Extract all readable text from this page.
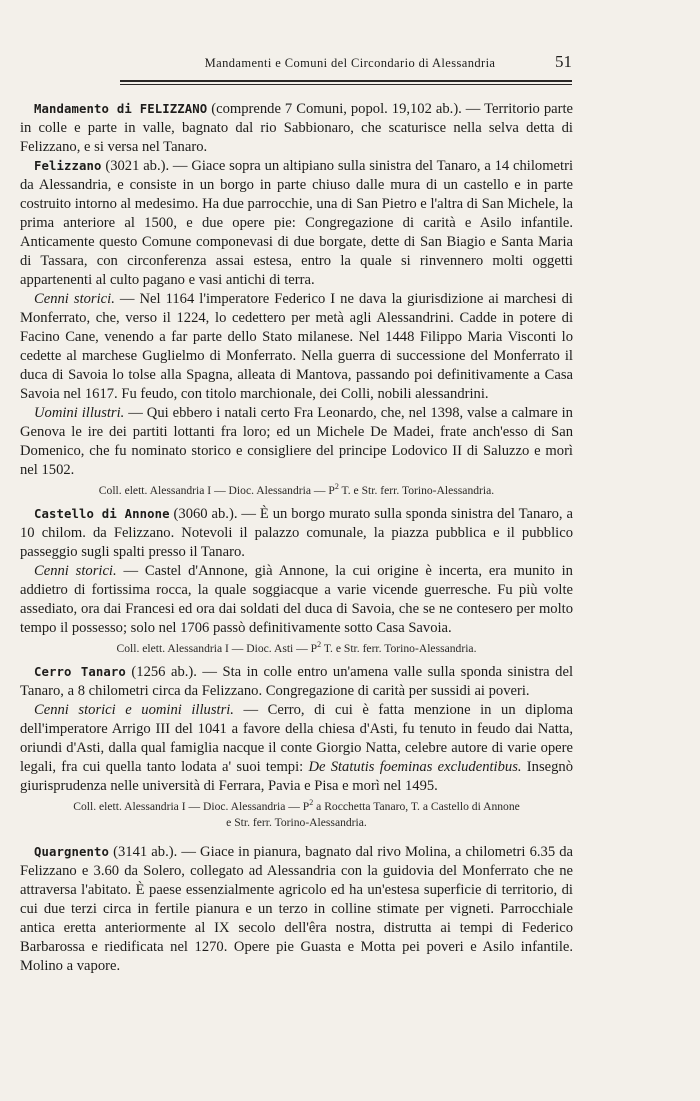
Mandamenti e Comuni del Circondario di Alessandria	51

Mandamento di FELIZZANO (comprende 7 Comuni, popol. 19,102 ab.). — Territorio parte in colle e parte in valle, bagnato dal rio Sabbionaro, che scaturisce nella selva detta di Felizzano, e si versa nel Tanaro.

Felizzano (3021 ab.). — Giace sopra un altipiano sulla sinistra del Tanaro, a 14 chilometri da Alessandria, e consiste in un borgo in parte chiuso dalle mura di un castello e in parte costruito intorno al medesimo. Ha due parrocchie, una di San Pietro e l'altra di San Michele, la prima anteriore al 1500, e due opere pie: Congregazione di carità e Asilo infantile. Anticamente questo Comune componevasi di due borgate, dette di San Biagio e Santa Maria di Tassara, con circonferenza assai estesa, entro la quale si rinvennero molti oggetti appartenenti al culto pagano e vasi antichi di terra.

Cenni storici. — Nel 1164 l'imperatore Federico I ne dava la giurisdizione ai marchesi di Monferrato, che, verso il 1224, lo cedettero per metà agli Alessandrini. Cadde in potere di Facino Cane, venendo a far parte dello Stato milanese. Nel 1448 Filippo Maria Visconti lo cedette al marchese Guglielmo di Monferrato. Nella guerra di successione del Monferrato il duca di Savoia lo tolse alla Spagna, alleata di Mantova, passando poi definitivamente a Casa Savoia nel 1617. Fu feudo, con titolo marchionale, dei Colli, nobili alessandrini.

Uomini illustri. — Qui ebbero i natali certo Fra Leonardo, che, nel 1398, valse a calmare in Genova le ire dei partiti lottanti fra loro; ed un Michele De Madei, frate anch'esso di San Domenico, che fu nominato storico e consigliere del principe Lodovico II di Saluzzo e morì nel 1502.

Coll. elett. Alessandria I — Dioc. Alessandria — $P^2$ T. e Str. ferr. Torino-Alessandria.

Castello di Annone (3060 ab.). — È un borgo murato sulla sponda sinistra del Tanaro, a 10 chilom. da Felizzano. Notevoli il palazzo comunale, la piazza pubblica e il pubblico passeggio sugli spalti presso il Tanaro.

Cenni storici. — Castel d'Annone, già Annone, la cui origine è incerta, era munito in addietro di fortissima rocca, la quale soggiacque a varie vicende guerresche. Fu più volte assediato, ora dai Francesi ed ora dai soldati del duca di Savoia, che se ne contesero per molto tempo il possesso; solo nel 1706 passò definitivamente sotto Casa Savoia.

Coll. elett. Alessandria I — Dioc. Asti — $P^2$ T. e Str. ferr. Torino-Alessandria.

Cerro Tanaro (1256 ab.). — Sta in colle entro un'amena valle sulla sponda sinistra del Tanaro, a 8 chilometri circa da Felizzano. Congregazione di carità per sussidi ai poveri.

Cenni storici e uomini illustri. — Cerro, di cui è fatta menzione in un diploma dell'imperatore Arrigo III del 1041 a favore della chiesa d'Asti, fu tenuto in feudo dai Natta, oriundi d'Asti, dalla qual famiglia nacque il conte Giorgio Natta, celebre autore di varie opere legali, fra cui quella tanto lodata a' suoi tempi: De Statutis foeminas excludentibus. Insegnò giurisprudenza nelle università di Ferrara, Pavia e Pisa e morì nel 1495.

Coll. elett. Alessandria I — Dioc. Alessandria — $P^2$ a Rocchetta Tanaro, T. a Castello di Annone
e Str. ferr. Torino-Alessandria.

Quargnento (3141 ab.). — Giace in pianura, bagnato dal rivo Molina, a chilometri 6.35 da Felizzano e 3.60 da Solero, collegato ad Alessandria con la guidovia del Monferrato che ne attraversa l'abitato. È paese essenzialmente agricolo ed ha un'estesa superficie di territorio, di cui due terzi circa in fertile pianura e un terzo in colline stimate per vigneti. Parrocchiale antica eretta anteriormente al IX secolo dell'êra nostra, distrutta ai tempi di Federico Barbarossa e riedificata nel 1270. Opere pie Guasta e Motta pei poveri e Asilo infantile. Molino a vapore.
